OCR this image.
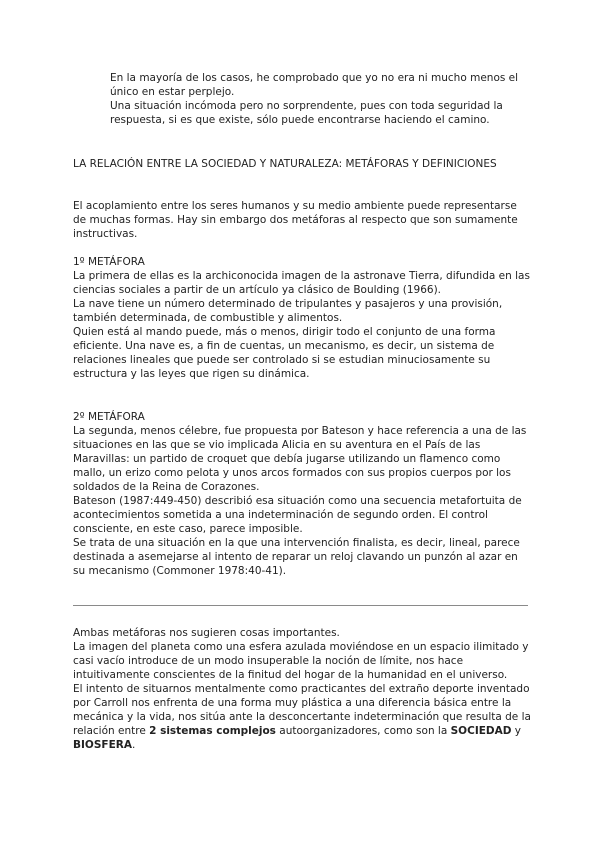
En la mayoría de los casos, he comprobado que yo no era ni mucho menos el único en estar perplejo.

Una situación incómoda pero no sorprendente, pues con toda seguridad la respuesta, si es que existe, sólo puede encontrarse haciendo el camino.

LA RELACIÓN ENTRE LA SOCIEDAD Y NATURALEZA: METÁFORAS Y DEFINICIONES

El acoplamiento entre los seres humanos y su medio ambiente puede representarse de muchas formas. Hay sin embargo dos metáforas al respecto que son sumamente instructivas.

1º METÁFORA

La primera de ellas es la archiconocida imagen de la astronave Tierra, difundida en las ciencias sociales a partir de un artículo ya clásico de Boulding (1966).

La nave tiene un número determinado de tripulantes y pasajeros y una provisión, también determinada, de combustible y alimentos.

Quien está al mando puede, más o menos, dirigir todo el conjunto de una forma eficiente. Una nave es, a fin de cuentas, un mecanismo, es decir, un sistema de relaciones lineales que puede ser controlado si se estudian minuciosamente su estructura y las leyes que rigen su dinámica.

2º METÁFORA

La segunda, menos célebre, fue propuesta por Bateson y hace referencia a una de las situaciones en las que se vio implicada Alicia en su aventura en el País de las Maravillas: un partido de croquet que debía jugarse utilizando un flamenco como mallo, un erizo como pelota y unos arcos formados con sus propios cuerpos por los soldados de la Reina de Corazones.

Bateson (1987:449-450) describió esa situación como una secuencia metafortuita de acontecimientos sometida a una indeterminación de segundo orden. El control consciente, en este caso, parece imposible.

Se trata de una situación en la que una intervención finalista, es decir, lineal, parece destinada a asemejarse al intento de reparar un reloj clavando un punzón al azar en su mecanismo (Commoner 1978:40-41).

Ambas metáforas nos sugieren cosas importantes.

La imagen del planeta como una esfera azulada moviéndose en un espacio ilimitado y casi vacío introduce de un modo insuperable la noción de límite, nos hace intuitivamente conscientes de la finitud del hogar de la humanidad en el universo.

El intento de situarnos mentalmente como practicantes del extraño deporte inventado por Carroll nos enfrenta de una forma muy plástica a una diferencia básica entre la mecánica y la vida, nos sitúa ante la desconcertante indeterminación que resulta de la relación entre 2 sistemas complejos autoorganizadores, como son la SOCIEDAD y BIOSFERA.
